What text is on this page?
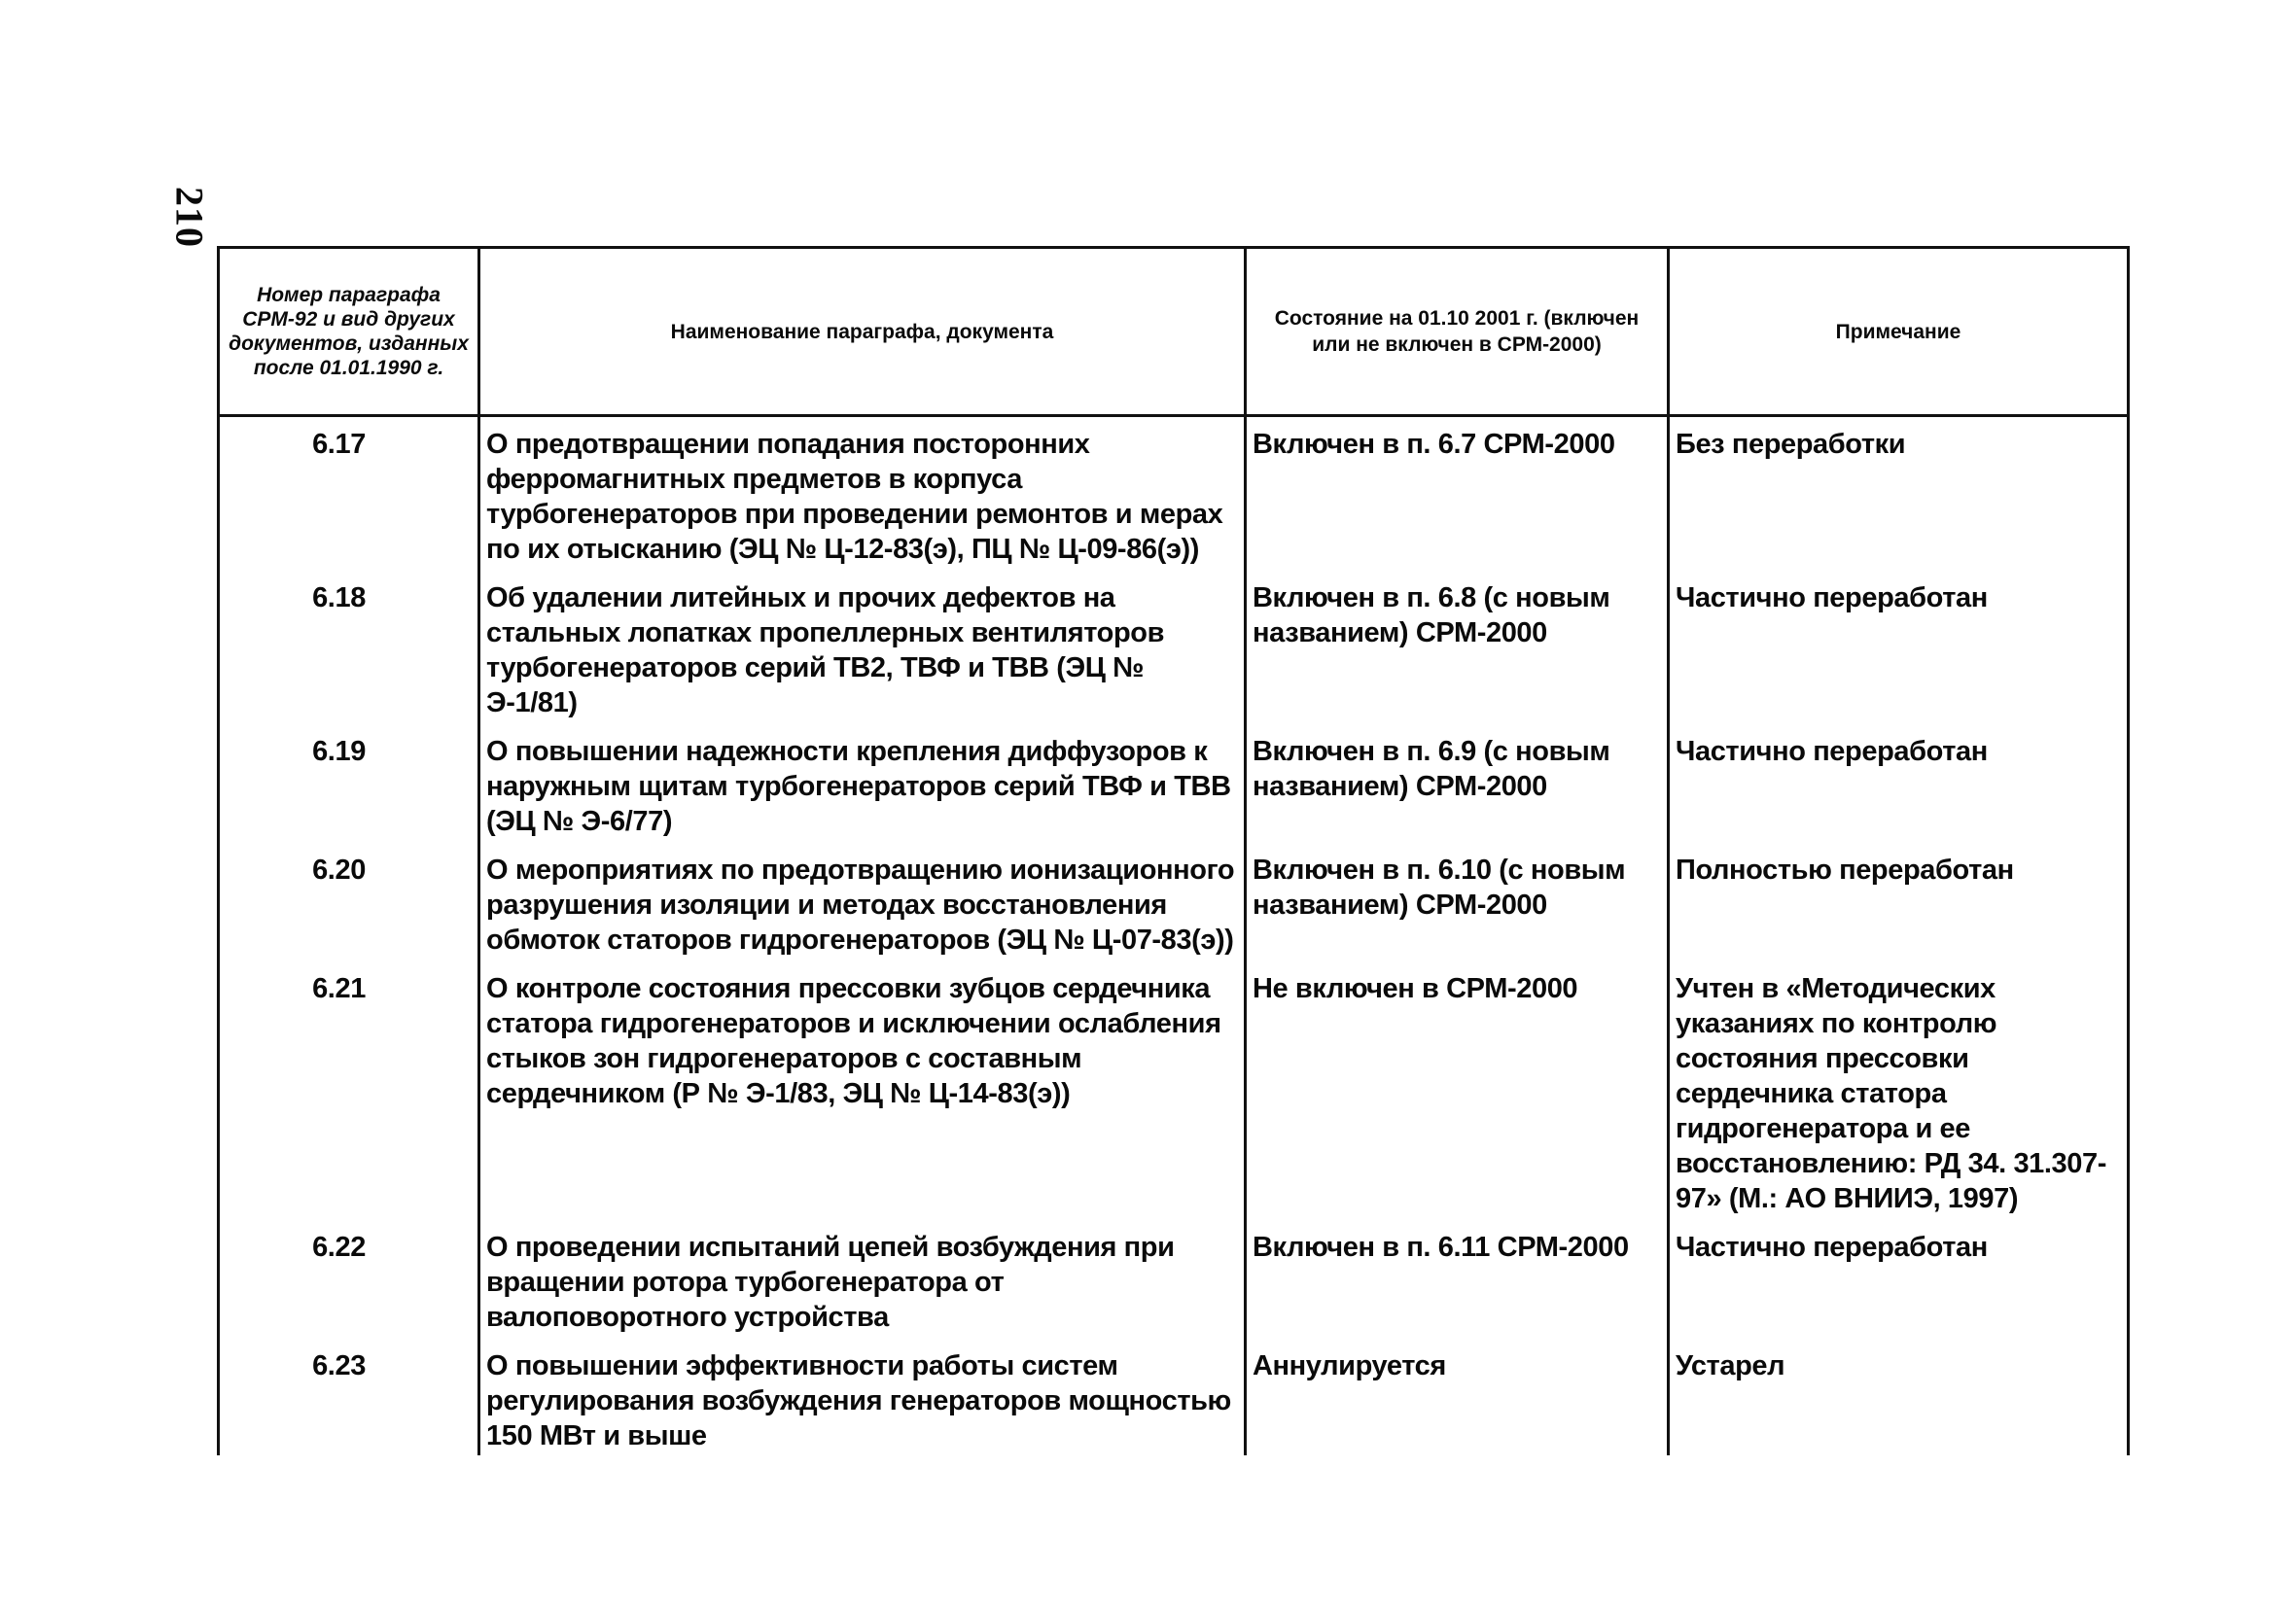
210
Номер параграфа СРМ-92 и вид других документов, изданных после 01.01.1990 г.	Наименование параграфа, документа	Состояние на 01.10 2001 г. (включен или не включен в СРМ-2000)	Примечание

6.17	О предотвращении попадания посторонних ферромагнитных предметов в корпуса турбогенераторов при проведении ремонтов и мерах по их отысканию (ЭЦ № Ц-12-83(э), ПЦ № Ц-09-86(э))	Включен в п. 6.7 СРМ-2000	Без переработки
6.18	Об удалении литейных и прочих дефектов на стальных лопатках пропеллерных вентиляторов турбогенераторов серий ТВ2, ТВФ и ТВВ (ЭЦ № Э-1/81)	Включен в п. 6.8 (с новым названием) СРМ-2000	Частично переработан
6.19	О повышении надежности крепления диффузоров к наружным щитам турбогенераторов серий ТВФ и ТВВ (ЭЦ № Э-6/77)	Включен в п. 6.9 (с новым названием) СРМ-2000	Частично переработан
6.20	О мероприятиях по предотвращению ионизационного разрушения изоляции и методах восстановления обмоток статоров гидрогенераторов (ЭЦ № Ц-07-83(э))	Включен в п. 6.10 (с новым названием) СРМ-2000	Полностью переработан
6.21	О контроле состояния прессовки зубцов сердечника статора гидрогенераторов и исключении ослабления стыков зон гидрогенераторов с составным сердечником (Р № Э-1/83, ЭЦ № Ц-14-83(э))	Не включен в СРМ-2000	Учтен в «Методических указаниях по контролю состояния прессовки сердечника статора гидрогенератора и ее восстановлению: РД 34. 31.307-97» (М.: АО ВНИИЭ, 1997)
6.22	О проведении испытаний цепей возбуждения при вращении ротора турбогенератора от валоповоротного устройства	Включен в п. 6.11 СРМ-2000	Частично переработан
6.23	О повышении эффективности работы систем регулирования возбуждения генераторов мощностью 150 МВт и выше	Аннулируется	Устарел
